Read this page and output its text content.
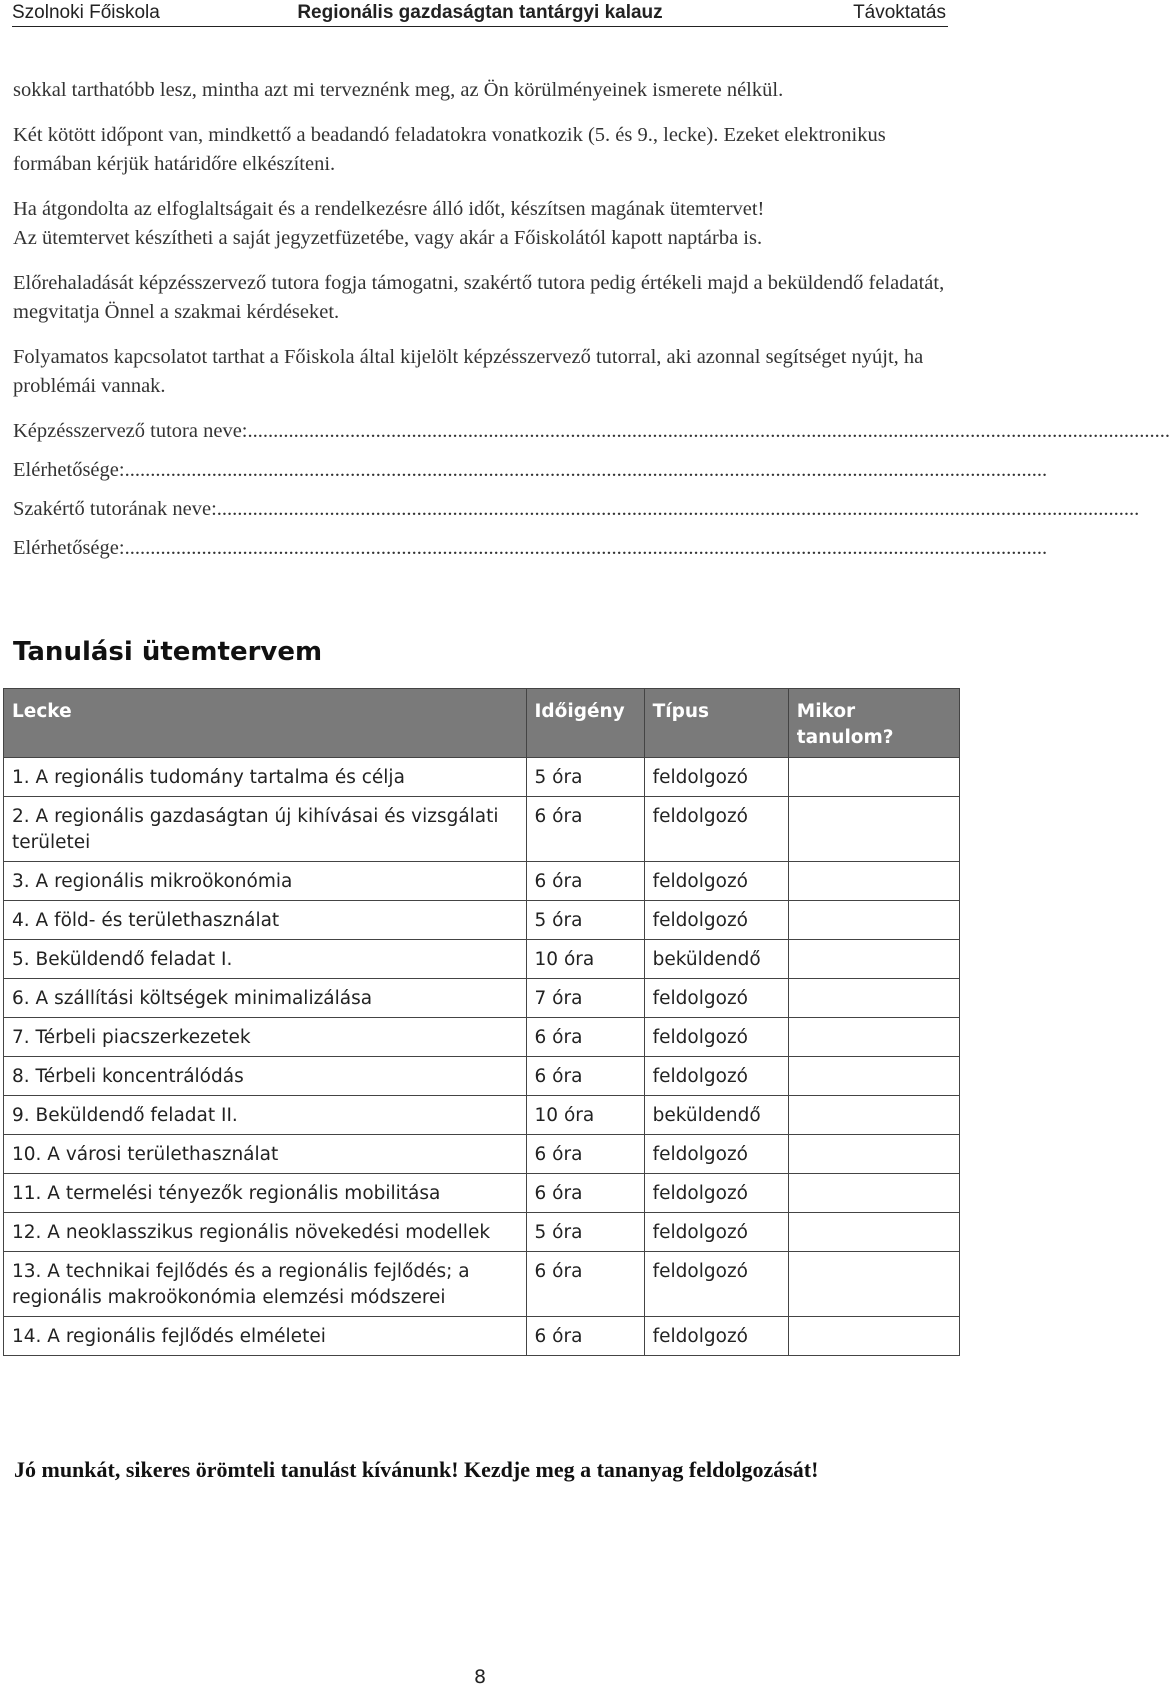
Szolnoki Főiskola	Regionális gazdaságtan tantárgyi kalauz	Távoktatás

sokkal tarthatóbb lesz, mintha azt mi terveznénk meg, az Ön körülményeinek ismerete nélkül.

Két kötött időpont van, mindkettő a beadandó feladatokra vonatkozik (5. és 9., lecke). Ezeket elektronikus formában kérjük határidőre elkészíteni.

Ha átgondolta az elfoglaltságait és a rendelkezésre álló időt, készítsen magának ütemtervet!

Az ütemtervet készítheti a saját jegyzetfüzetébe, vagy akár a Főiskolától kapott naptárba is.

Előrehaladását képzésszervező tutora fogja támogatni, szakértő tutora pedig értékeli majd a beküldendő feladatát, megvitatja Önnel a szakmai kérdéseket.

Folyamatos kapcsolatot tarthat a Főiskola által kijelölt képzésszervező tutorral, aki azonnal segítséget nyújt, ha problémái vannak.

Képzésszervező tutora neve: ....................................................................................................................................................................................
Elérhetősége: ....................................................................................................................................................................................
Szakértő tutorának neve: ....................................................................................................................................................................................
Elérhetősége: ....................................................................................................................................................................................
Tanulási ütemtervem
Lecke	Időigény	Típus	Mikor tanulom?
1. A regionális tudomány tartalma és célja	5 óra	feldolgozó	
2. A regionális gazdaságtan új kihívásai és vizsgálati területei	6 óra	feldolgozó	
3. A regionális mikroökonómia	6 óra	feldolgozó	
4. A föld- és területhasználat	5 óra	feldolgozó	
5. Beküldendő feladat I.	10 óra	beküldendő	
6. A szállítási költségek minimalizálása	7 óra	feldolgozó	
7. Térbeli piacszerkezetek	6 óra	feldolgozó	
8. Térbeli koncentrálódás	6 óra	feldolgozó	
9. Beküldendő feladat II.	10 óra	beküldendő	
10. A városi területhasználat	6 óra	feldolgozó	
11. A termelési tényezők regionális mobilitása	6 óra	feldolgozó	
12. A neoklasszikus regionális növekedési modellek	5 óra	feldolgozó	
13. A technikai fejlődés és a regionális fejlődés; a regionális makroökonómia elemzési módszerei	6 óra	feldolgozó	
14. A regionális fejlődés elméletei	6 óra	feldolgozó	
Jó munkát, sikeres örömteli tanulást kívánunk! Kezdje meg a tananyag feldolgozását!
8
